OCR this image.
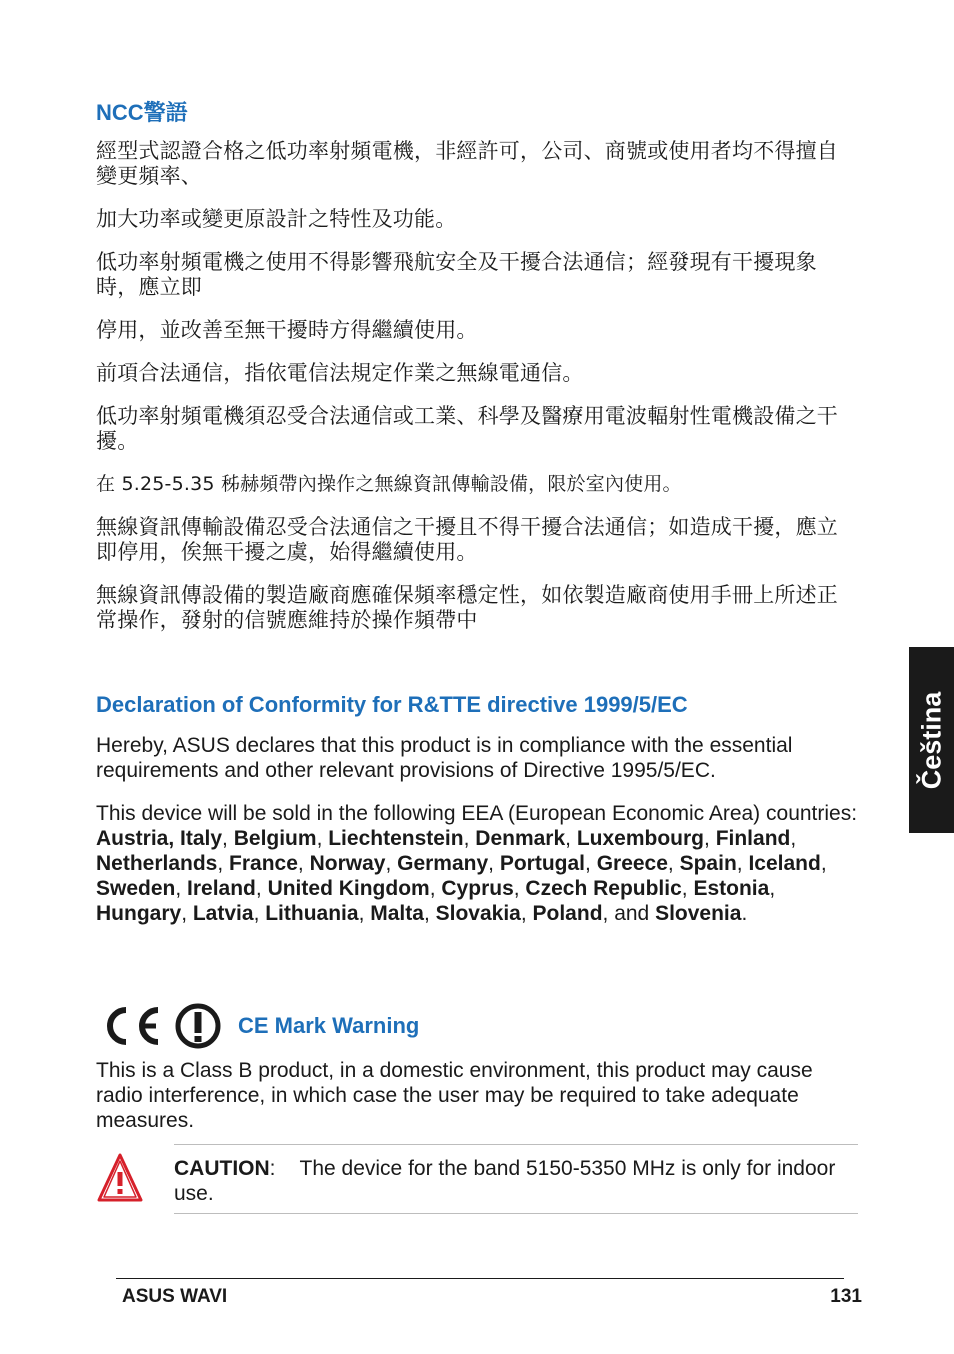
NCC警語

經型式認證合格之低功率射頻電機，非經許可，公司、商號或使用者均不得擅自變更頻率、

加大功率或變更原設計之特性及功能。

低功率射頻電機之使用不得影響飛航安全及干擾合法通信；經發現有干擾現象時，應立即

停用，並改善至無干擾時方得繼續使用。

前項合法通信，指依電信法規定作業之無線電通信。

低功率射頻電機須忍受合法通信或工業、科學及醫療用電波輻射性電機設備之干擾。

在 5.25-5.35 秭赫頻帶內操作之無線資訊傳輸設備，限於室內使用。

無線資訊傳輸設備忍受合法通信之干擾且不得干擾合法通信；如造成干擾，應立即停用，俟無干擾之虞，始得繼續使用。

無線資訊傳設備的製造廠商應確保頻率穩定性，如依製造廠商使用手冊上所述正常操作，發射的信號應維持於操作頻帶中

Declaration of Conformity for R&TTE directive 1999/5/EC

Hereby, ASUS declares that this product is in compliance with the essential requirements and other relevant provisions of Directive 1995/5/EC.

This device will be sold in the following EEA (European Economic Area) countries: Austria, Italy, Belgium, Liechtenstein, Denmark, Luxembourg, Finland, Netherlands, France, Norway, Germany, Portugal, Greece, Spain, Iceland, Sweden, Ireland, United Kingdom, Cyprus, Czech Republic, Estonia, Hungary, Latvia, Lithuania, Malta, Slovakia, Poland, and Slovenia.

CE Mark Warning

This is a Class B product, in a domestic environment, this product may cause radio interference, in which case the user may be required to take adequate measures.

CAUTION: The device for the band 5150-5350 MHz is only for indoor use.
Čeština
ASUS WAVI	131
